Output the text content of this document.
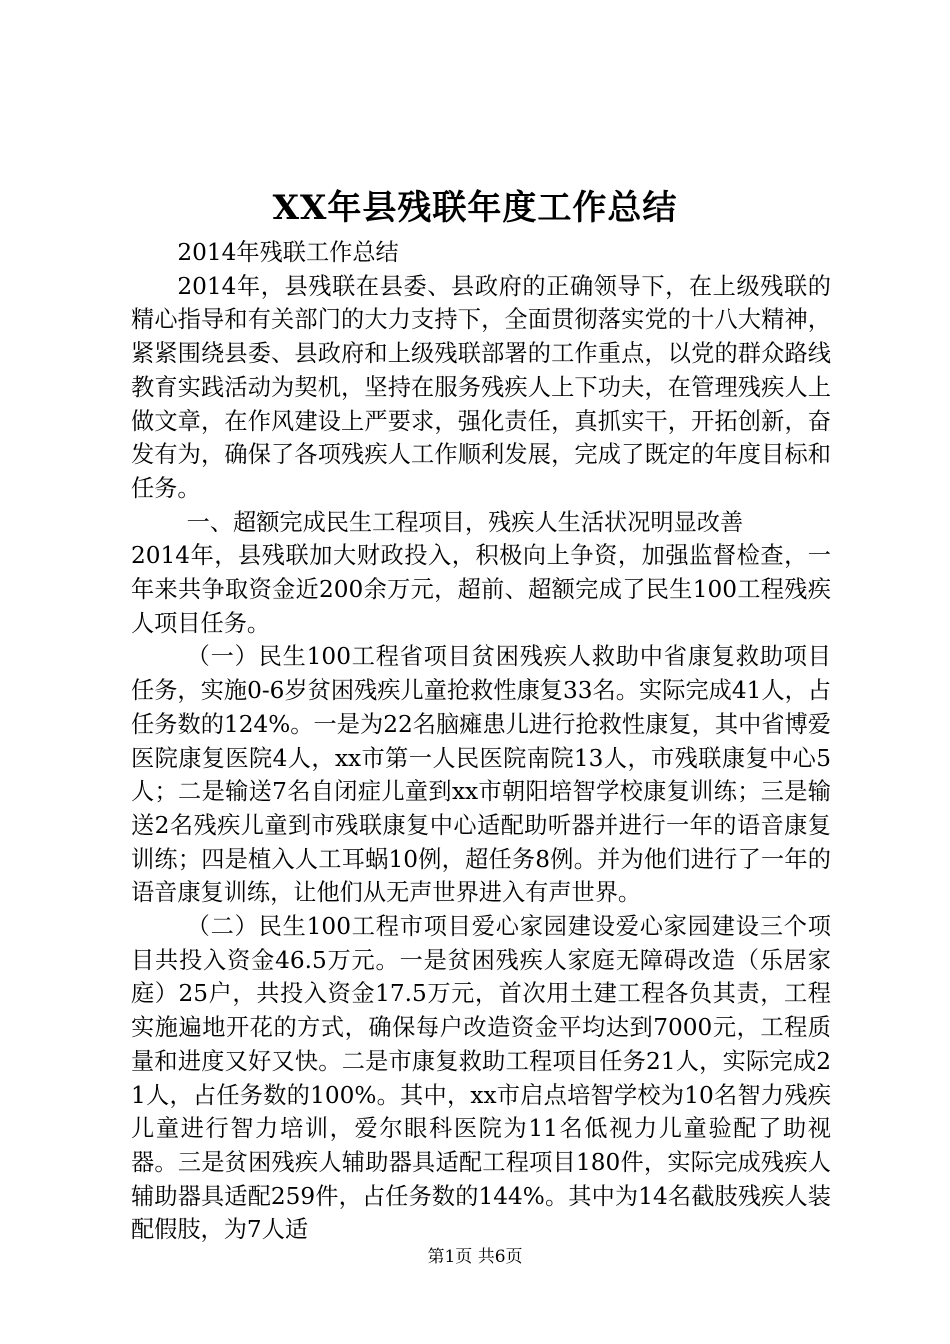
XX年县残联年度工作总结

2014年残联工作总结

2014年，县残联在县委、县政府的正确领导下，在上级残联的精心指导和有关部门的大力支持下，全面贯彻落实党的十八大精神，紧紧围绕县委、县政府和上级残联部署的工作重点，以党的群众路线教育实践活动为契机，坚持在服务残疾人上下功夫，在管理残疾人上做文章，在作风建设上严要求，强化责任，真抓实干，开拓创新，奋发有为，确保了各项残疾人工作顺利发展，完成了既定的年度目标和任务。

一、超额完成民生工程项目，残疾人生活状况明显改善

2014年，县残联加大财政投入，积极向上争资，加强监督检查，一年来共争取资金近200余万元，超前、超额完成了民生100工程残疾人项目任务。

（一）民生100工程省项目贫困残疾人救助中省康复救助项目任务，实施0-6岁贫困残疾儿童抢救性康复33名。实际完成41人，占任务数的124%。一是为22名脑瘫患儿进行抢救性康复，其中省博爱医院康复医院4人，xx市第一人民医院南院13人，市残联康复中心5人；二是输送7名自闭症儿童到xx市朝阳培智学校康复训练；三是输送2名残疾儿童到市残联康复中心适配助听器并进行一年的语音康复训练；四是植入人工耳蜗10例，超任务8例。并为他们进行了一年的语音康复训练，让他们从无声世界进入有声世界。

（二）民生100工程市项目爱心家园建设爱心家园建设三个项目共投入资金46.5万元。一是贫困残疾人家庭无障碍改造（乐居家庭）25户，共投入资金17.5万元，首次用土建工程各负其责，工程实施遍地开花的方式，确保每户改造资金平均达到7000元，工程质量和进度又好又快。二是市康复救助工程项目任务21人，实际完成21人，占任务数的100%。其中，xx市启点培智学校为10名智力残疾儿童进行智力培训，爱尔眼科医院为11名低视力儿童验配了助视器。三是贫困残疾人辅助器具适配工程项目180件，实际完成残疾人辅助器具适配259件，占任务数的144%。其中为14名截肢残疾人装配假肢，为7人适

第1页 共6页
